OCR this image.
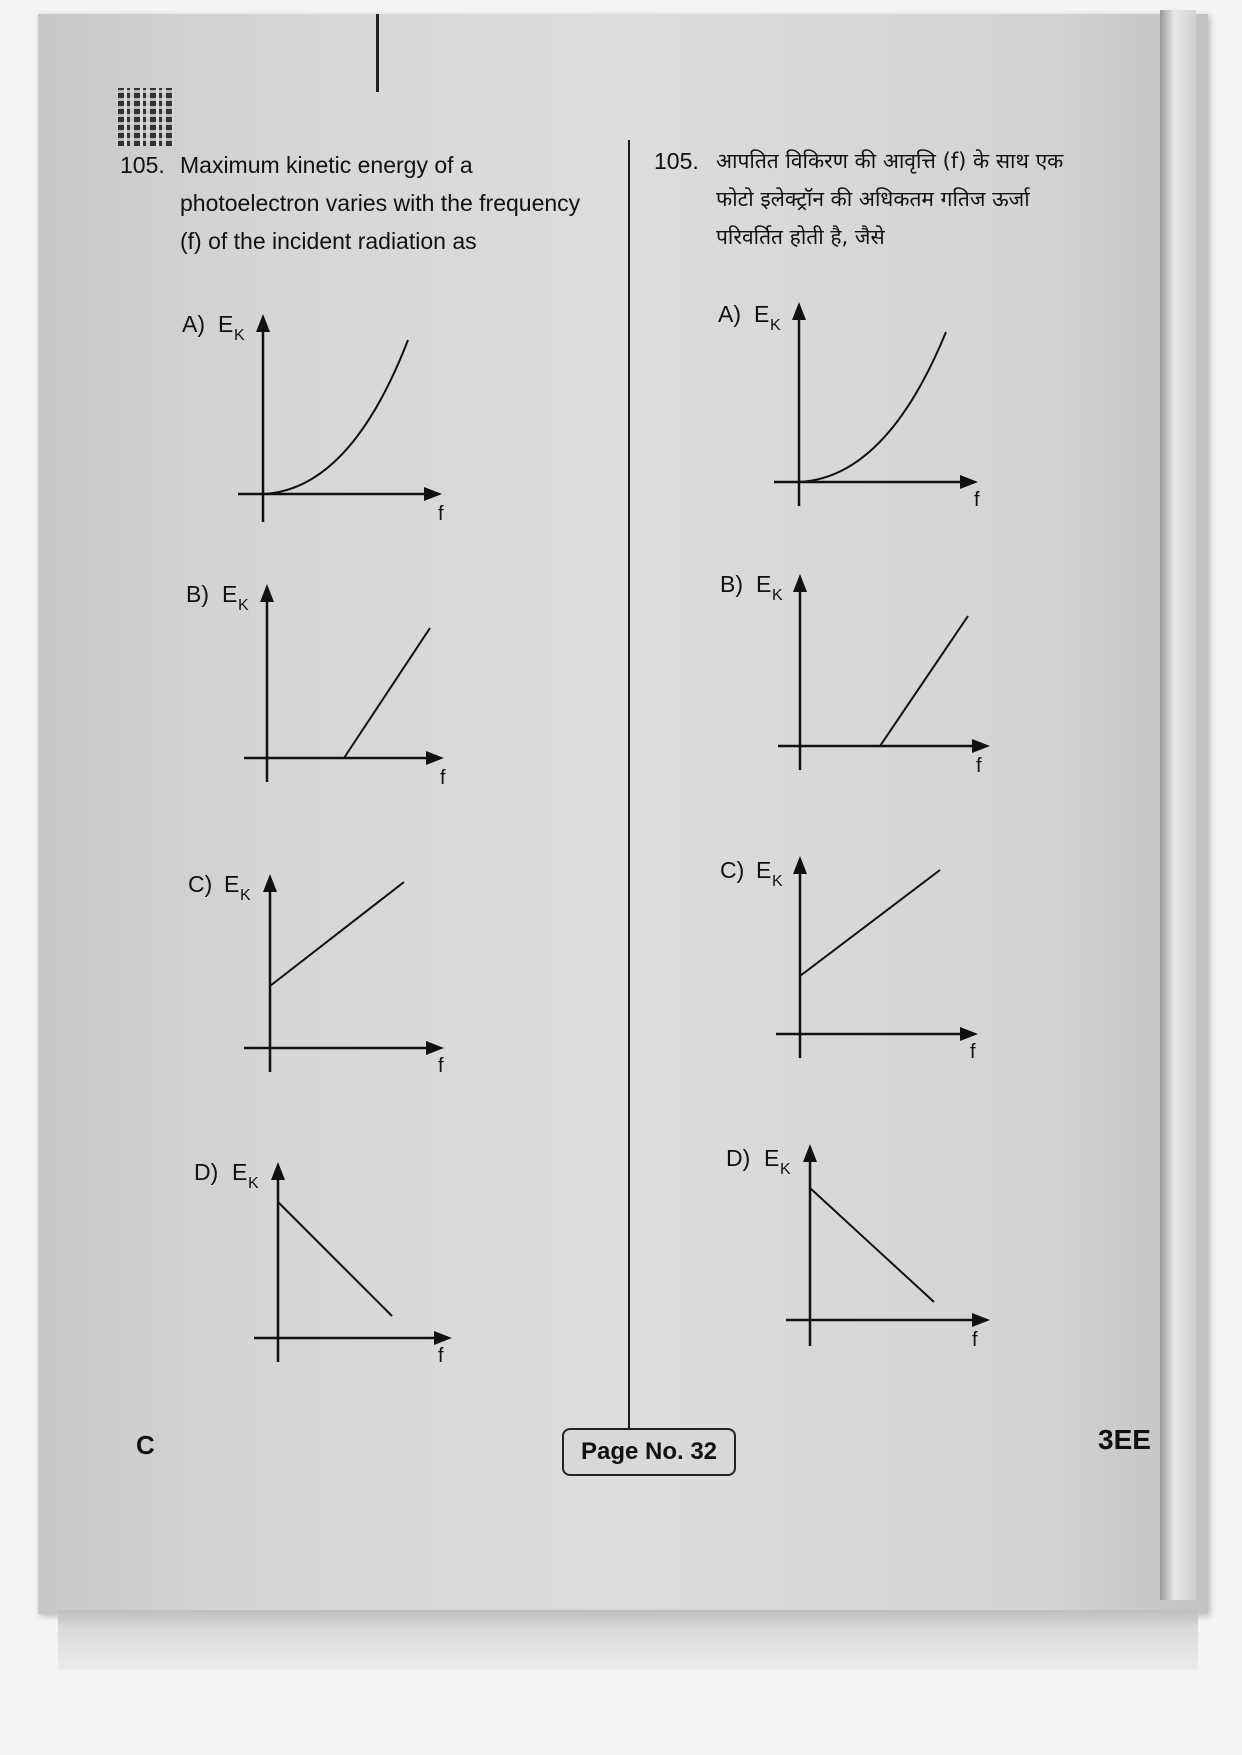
105. Maximum kinetic energy of a
photoelectron varies with the frequency
(f) of the incident radiation as
105. आपतित विकिरण की आवृत्ति (f) के साथ एक
फोटो इलेक्ट्रॉन की अधिकतम गतिज ऊर्जा
परिवर्तित होती है, जैसे
A) E K
f
B) E K
f
C) E K
f
D) E K
f
A) E K
f
B) E K
f
C) E K
f
D) E K
f
C	Page No. 32	3EE
